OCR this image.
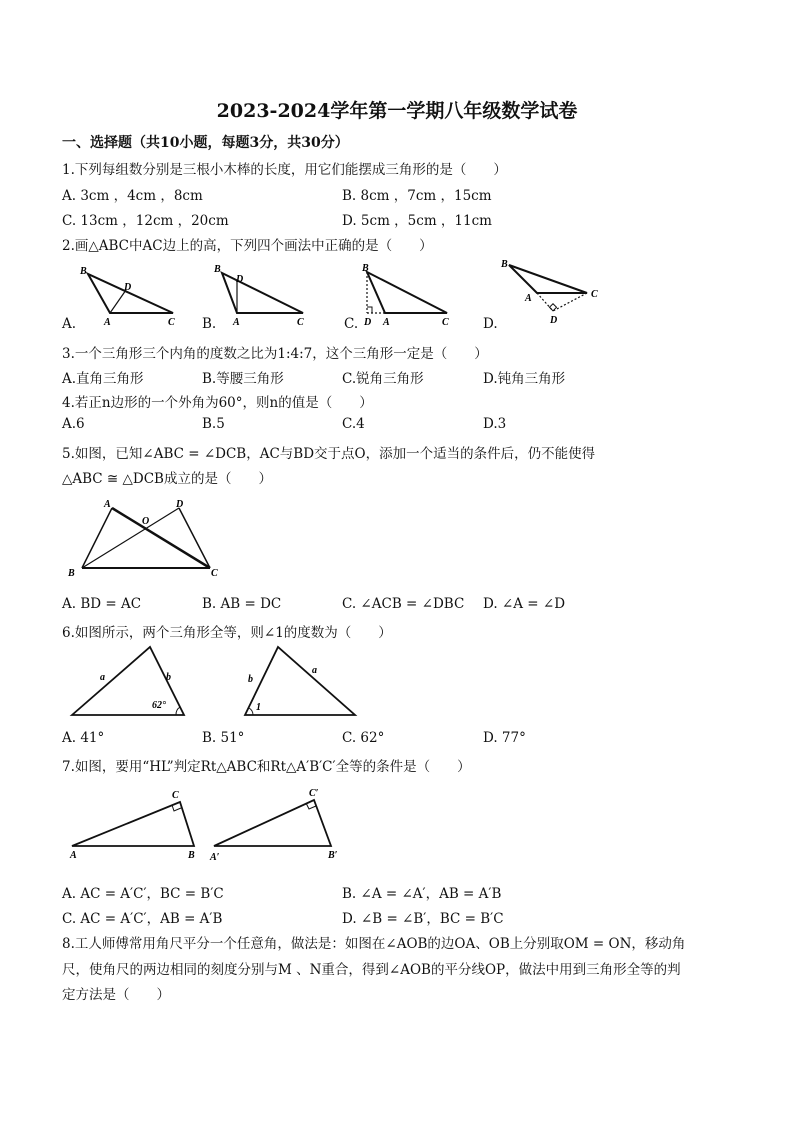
2023-2024学年第一学期八年级数学试卷
一、选择题（共10小题，每题3分，共30分）
1.下列每组数分别是三根小木棒的长度，用它们能摆成三角形的是（　　）
A. 3cm ，4cm ，8cm	B. 8cm ，7cm ，15cm
C. 13cm ，12cm ，20cm	D. 5cm ，5cm ，11cm
2.画△ABC中AC边上的高，下列四个画法中正确的是（　　）
B
A	C
D
A.
B
D
A	C
B.
B
D A	C
C.
B
A	C
D
D.
3.一个三角形三个内角的度数之比为1:4:7，这个三角形一定是（　　）
A.直角三角形	B.等腰三角形	C.锐角三角形	D.钝角三角形
4.若正n边形的一个外角为60°，则n的值是（　　）
A.6	B.5	C.4	D.3
5.如图，已知∠ABC = ∠DCB，AC与BD交于点O，添加一个适当的条件后，仍不能使得
△ABC ≅ △DCB成立的是（　　）
A	D
O
B	C
A. BD = AC	B. AB = DC	C. ∠ACB = ∠DBC D. ∠A = ∠D
6.如图所示，两个三角形全等，则∠1的度数为（　　）
a	b
62°
b
a
1
A. 41°	B. 51°	C. 62°	D. 77°
7.如图，要用“HL”判定Rt△ABC和Rt△A′B′C′全等的条件是（　　）
C
A	B
C′
A′	B′
A. AC = A′C′，BC = B′C	B. ∠A = ∠A′，AB = A′B
C. AC = A′C′，AB = A′B	D. ∠B = ∠B′，BC = B′C
8.工人师傅常用角尺平分一个任意角，做法是：如图在∠AOB的边OA、OB上分别取OM = ON，移动角
尺，使角尺的两边相同的刻度分别与M 、N重合，得到∠AOB的平分线OP，做法中用到三角形全等的判
定方法是（　　）
